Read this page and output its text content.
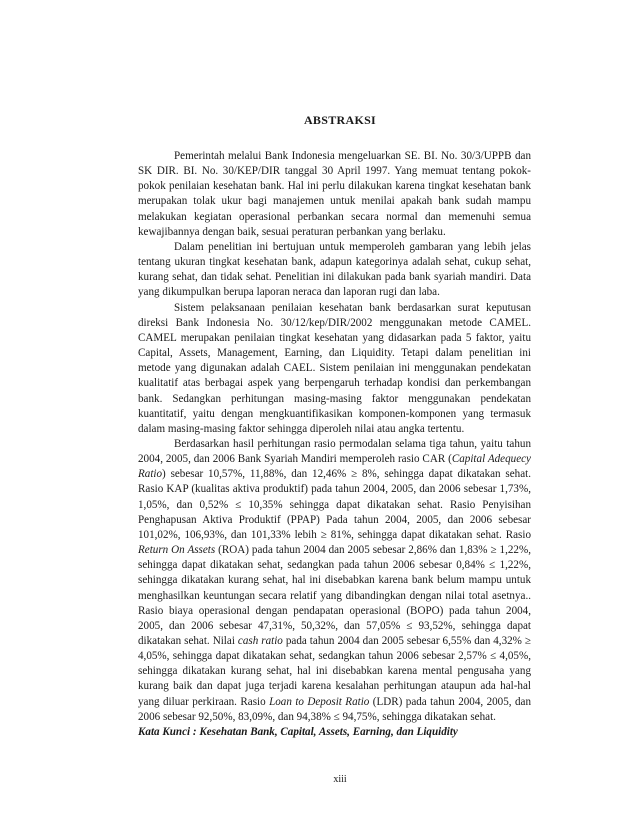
ABSTRAKSI

Pemerintah melalui Bank Indonesia mengeluarkan SE. BI. No. 30/3/UPPB dan SK DIR. BI. No. 30/KEP/DIR tanggal 30 April 1997. Yang memuat tentang pokok-pokok penilaian kesehatan bank. Hal ini perlu dilakukan karena tingkat kesehatan bank merupakan tolak ukur bagi manajemen untuk menilai apakah bank sudah mampu melakukan kegiatan operasional perbankan secara normal dan memenuhi semua kewajibannya dengan baik, sesuai peraturan perbankan yang berlaku.

Dalam penelitian ini bertujuan untuk memperoleh gambaran yang lebih jelas tentang ukuran tingkat kesehatan bank, adapun kategorinya adalah sehat, cukup sehat, kurang sehat, dan tidak sehat. Penelitian ini dilakukan pada bank syariah mandiri. Data yang dikumpulkan berupa laporan neraca dan laporan rugi dan laba.

Sistem pelaksanaan penilaian kesehatan bank berdasarkan surat keputusan direksi Bank Indonesia No. 30/12/kep/DIR/2002 menggunakan metode CAMEL. CAMEL merupakan penilaian tingkat kesehatan yang didasarkan pada 5 faktor, yaitu Capital, Assets, Management, Earning, dan Liquidity. Tetapi dalam penelitian ini metode yang digunakan adalah CAEL. Sistem penilaian ini menggunakan pendekatan kualitatif atas berbagai aspek yang berpengaruh terhadap kondisi dan perkembangan bank. Sedangkan perhitungan masing-masing faktor menggunakan pendekatan kuantitatif, yaitu dengan mengkuantifikasikan komponen-komponen yang termasuk dalam masing-masing faktor sehingga diperoleh nilai atau angka tertentu.

Berdasarkan hasil perhitungan rasio permodalan selama tiga tahun, yaitu tahun 2004, 2005, dan 2006 Bank Syariah Mandiri memperoleh rasio CAR (Capital Adequecy Ratio) sebesar 10,57%, 11,88%, dan 12,46% ≥ 8%, sehingga dapat dikatakan sehat. Rasio KAP (kualitas aktiva produktif) pada tahun 2004, 2005, dan 2006 sebesar 1,73%, 1,05%, dan 0,52% ≤ 10,35% sehingga dapat dikatakan sehat. Rasio Penyisihan Penghapusan Aktiva Produktif (PPAP) Pada tahun 2004, 2005, dan 2006 sebesar 101,02%, 106,93%, dan 101,33% lebih ≥ 81%, sehingga dapat dikatakan sehat. Rasio Return On Assets (ROA) pada tahun 2004 dan 2005 sebesar 2,86% dan 1,83% ≥ 1,22%, sehingga dapat dikatakan sehat, sedangkan pada tahun 2006 sebesar 0,84% ≤ 1,22%, sehingga dikatakan kurang sehat, hal ini disebabkan karena bank belum mampu untuk menghasilkan keuntungan secara relatif yang dibandingkan dengan nilai total asetnya.. Rasio biaya operasional dengan pendapatan operasional (BOPO) pada tahun 2004, 2005, dan 2006 sebesar 47,31%, 50,32%, dan 57,05% ≤ 93,52%, sehingga dapat dikatakan sehat. Nilai cash ratio pada tahun 2004 dan 2005 sebesar 6,55% dan 4,32% ≥ 4,05%, sehingga dapat dikatakan sehat, sedangkan tahun 2006 sebesar 2,57% ≤ 4,05%, sehingga dikatakan kurang sehat, hal ini disebabkan karena mental pengusaha yang kurang baik dan dapat juga terjadi karena kesalahan perhitungan ataupun ada hal-hal yang diluar perkiraan. Rasio Loan to Deposit Ratio (LDR) pada tahun 2004, 2005, dan 2006 sebesar 92,50%, 83,09%, dan 94,38% ≤ 94,75%, sehingga dikatakan sehat.

Kata Kunci : Kesehatan Bank, Capital, Assets, Earning, dan Liquidity
xiii
